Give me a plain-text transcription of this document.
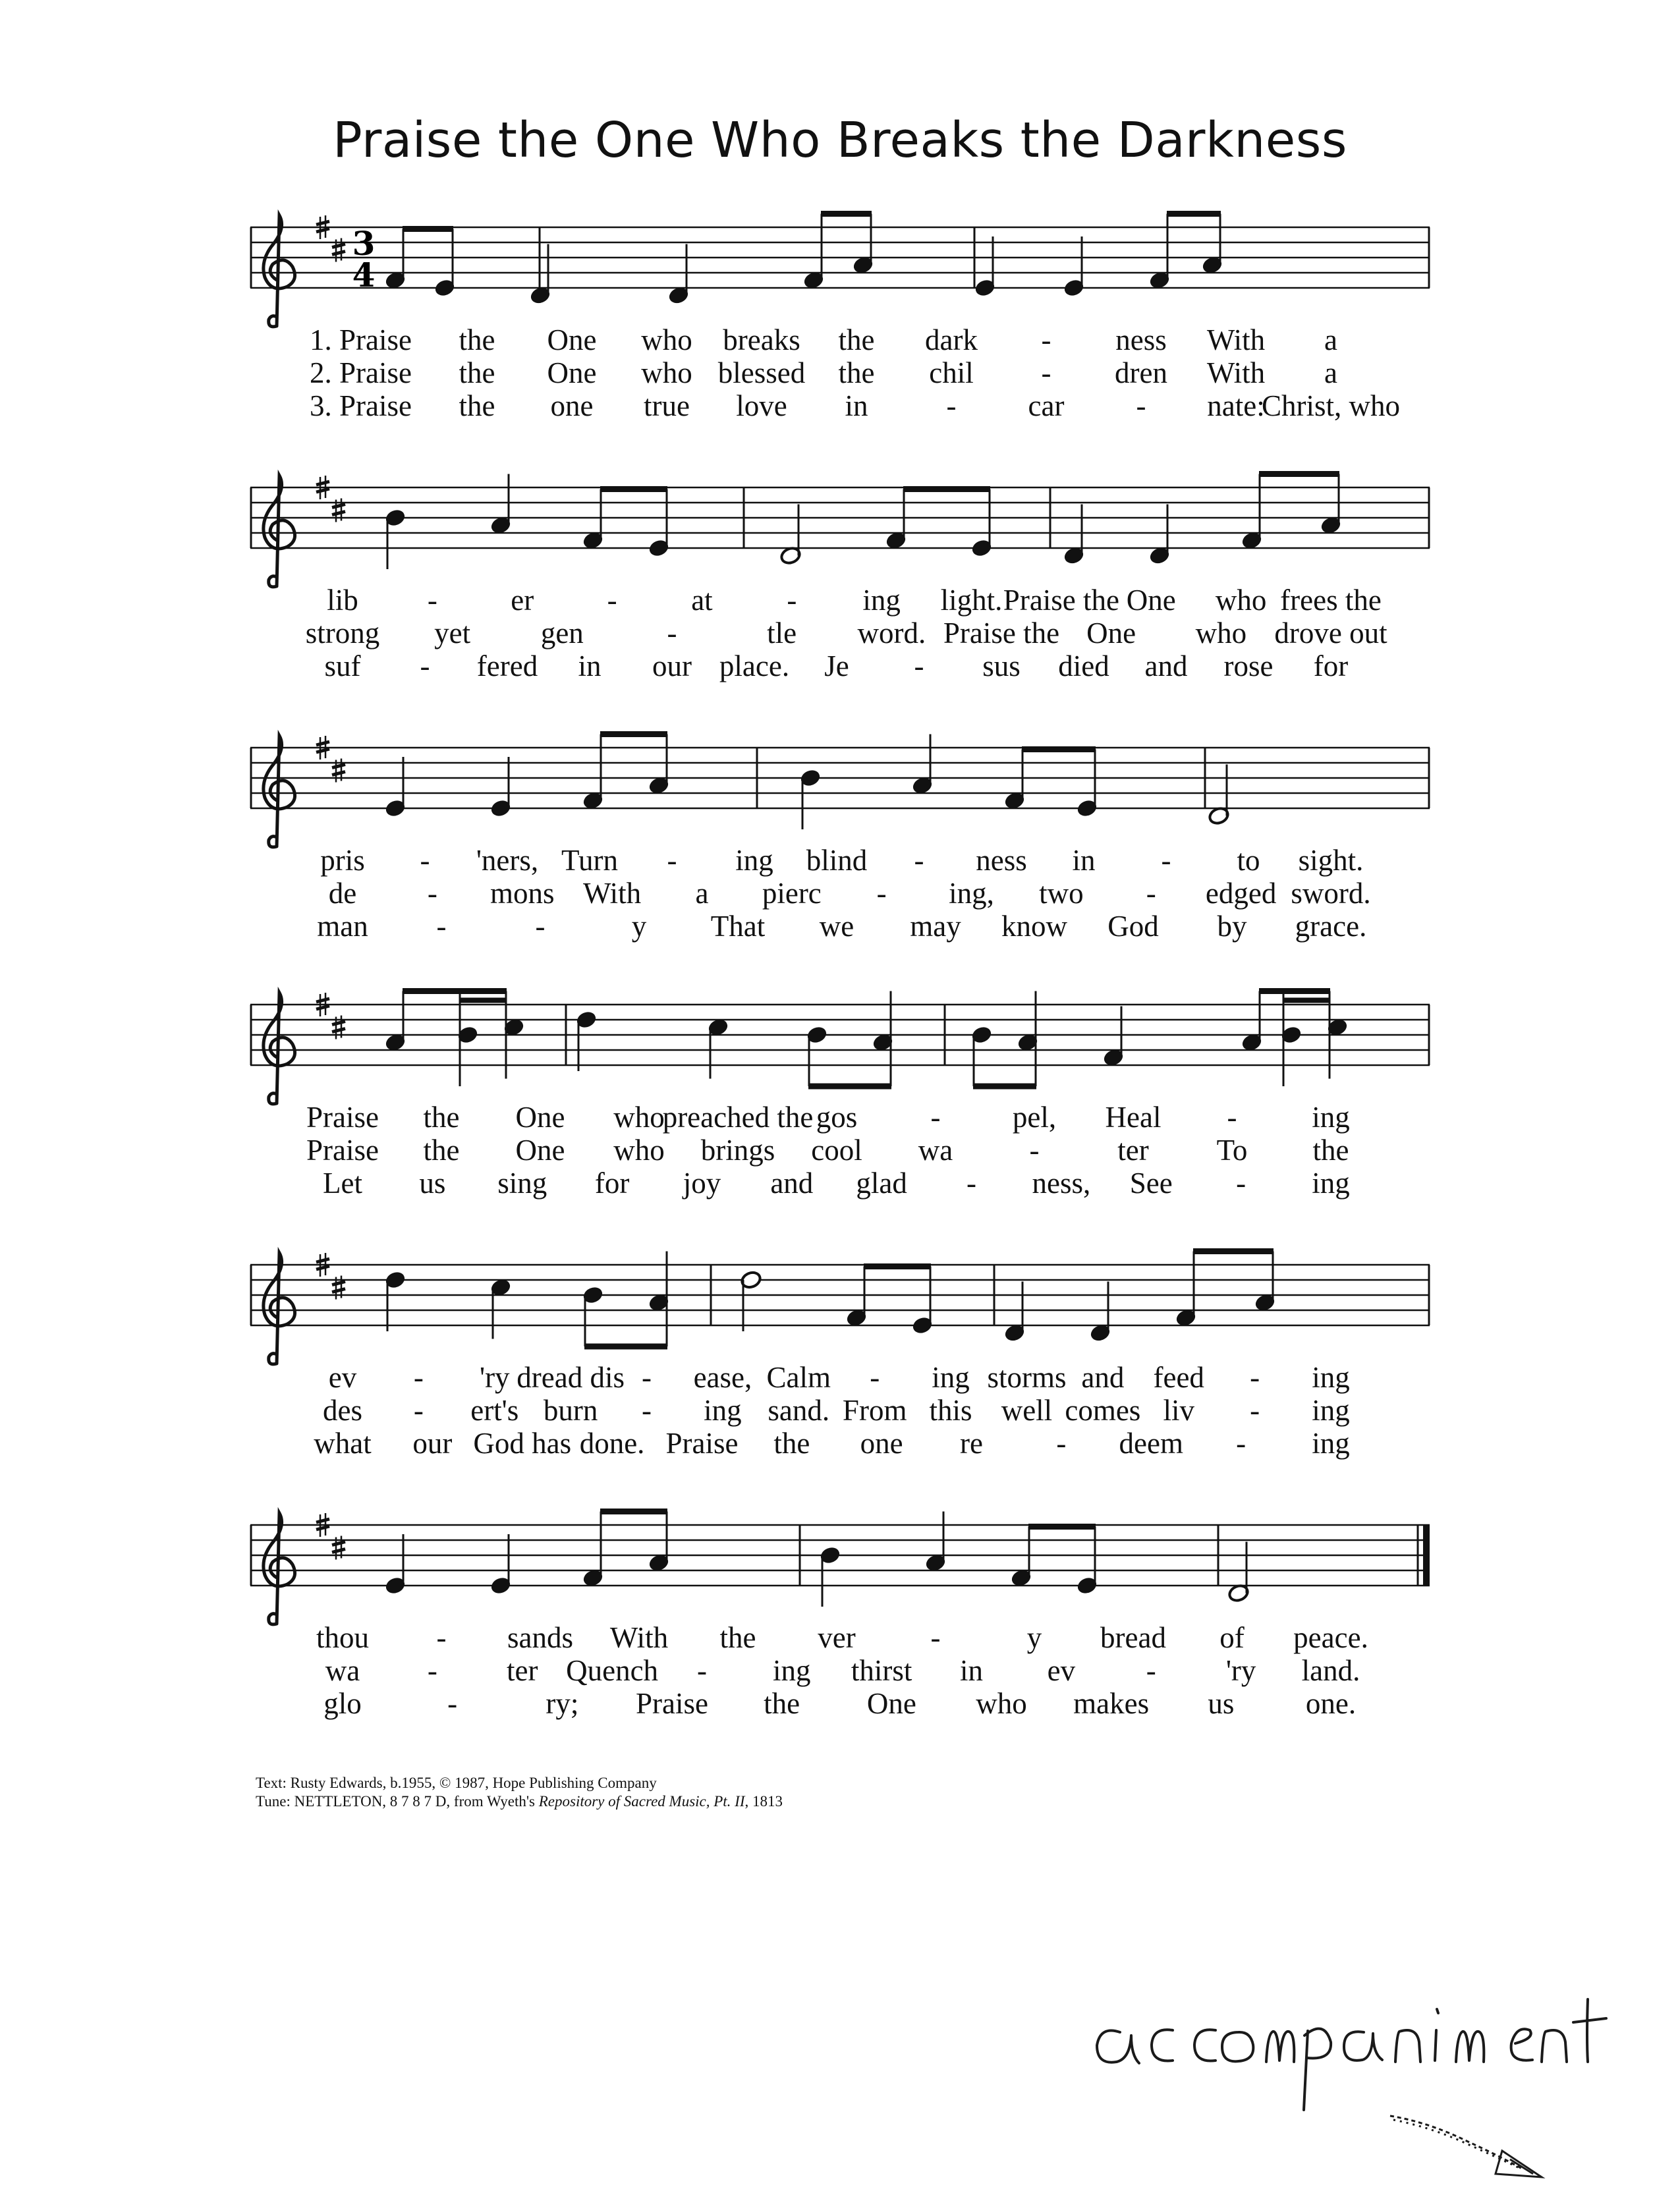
Praise the One Who Breaks the Darkness
3
4
1. Praise the One who breaks the dark - ness With a
2. Praise the One who blessed the chil - dren With a
3. Praise the one true love in	- car - nate:
Christ, who
lib - er -	at	- ing light. Praise the One who frees the
strong yet gen	-	tle word. Praise the One who drove out
suf - fered in our place. Je - sus died and rose for
pris - 'ners, Turn - ing blind - ness in - to sight.
de - mons With a pierc - ing, two - edged sword.
man -	-	y That we may know God by grace.
Praise the One who
preached the gos - pel, Heal -	ing
Praise the One who brings cool wa	-	ter To the
Let us sing for joy and glad - ness, See - ing
ev - 'ry dread dis - ease, Calm - ing storms and feed - ing
des - ert's burn - ing sand. From this well comes liv - ing
what our God has done. Praise the one re - deem - ing
thou - sands With the ver	-	y bread of peace.
wa - ter Quench - ing thirst in ev - 'ry land.
glo	-	ry; Praise the One who makes us one.
Text: Rusty Edwards, b.1955, © 1987, Hope Publishing Company
Tune: NETTLETON, 8 7 8 7 D, from Wyeth's Repository of Sacred Music, Pt. II, 1813
